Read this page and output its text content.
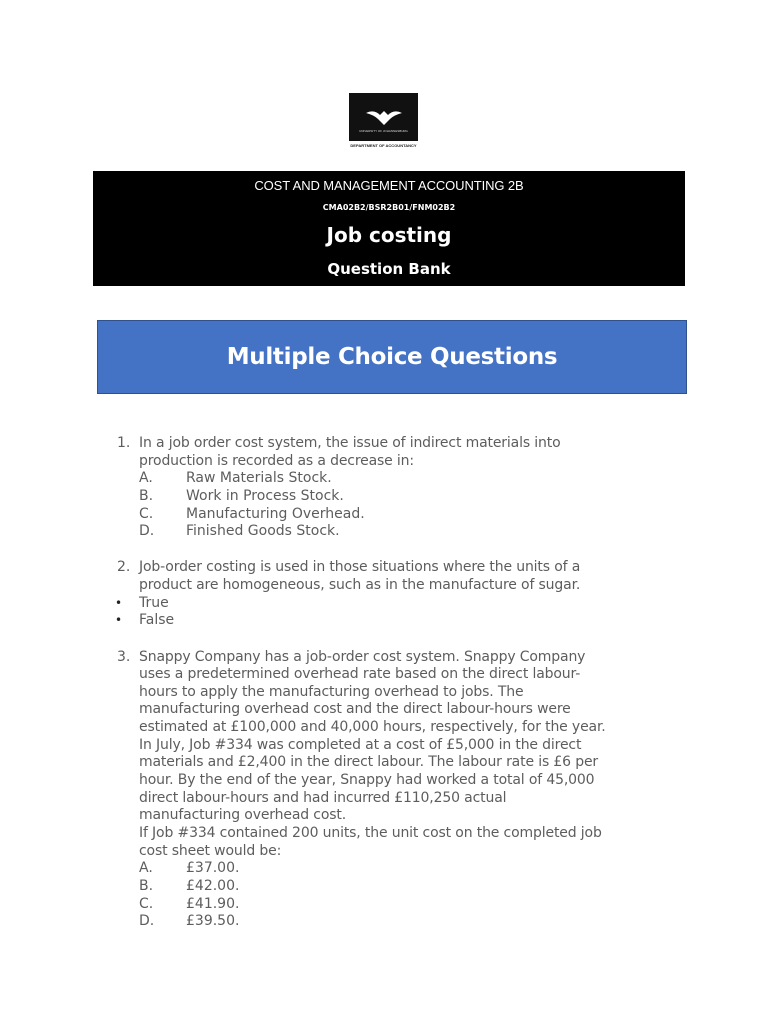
UNIVERSITY OF JOHANNESBURG
DEPARTMENT OF ACCOUNTANCY
COST AND MANAGEMENT ACCOUNTING 2B
CMA02B2/BSR2B01/FNM02B2
Job costing
Question Bank
Multiple Choice Questions
1. In a job order cost system, the issue of indirect materials into
production is recorded as a decrease in:
A. Raw Materials Stock.
B. Work in Process Stock.
C. Manufacturing Overhead.
D. Finished Goods Stock.
2. Job-order costing is used in those situations where the units of a
product are homogeneous, such as in the manufacture of sugar.
• True
• False
3. Snappy Company has a job-order cost system. Snappy Company
uses a predetermined overhead rate based on the direct labour-
hours to apply the manufacturing overhead to jobs. The
manufacturing overhead cost and the direct labour-hours were
estimated at £100,000 and 40,000 hours, respectively, for the year.
In July, Job #334 was completed at a cost of £5,000 in the direct
materials and £2,400 in the direct labour. The labour rate is £6 per
hour. By the end of the year, Snappy had worked a total of 45,000
direct labour-hours and had incurred £110,250 actual
manufacturing overhead cost.
If Job #334 contained 200 units, the unit cost on the completed job
cost sheet would be:
A. £37.00.
B. £42.00.
C. £41.90.
D. £39.50.
